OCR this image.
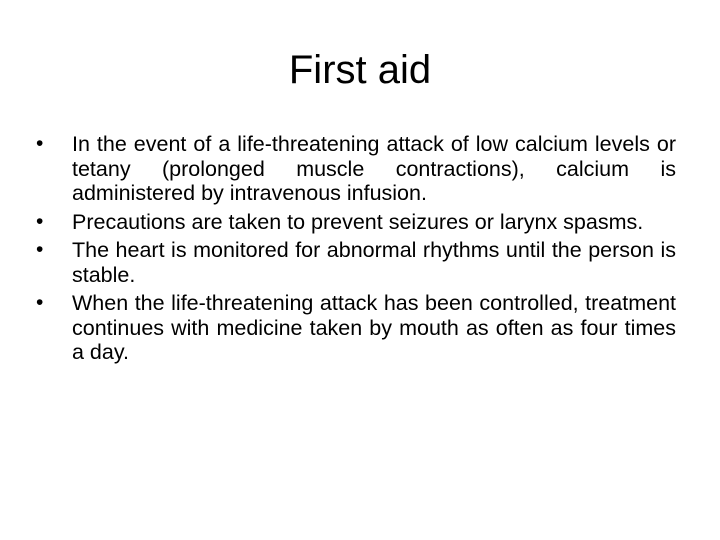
First aid
•	In the event of a life-threatening attack of low calcium levels or tetany (prolonged muscle contractions), calcium is administered by intravenous infusion.
•	Precautions are taken to prevent seizures or larynx spasms.
•	The heart is monitored for abnormal rhythms until the person is stable.
•	When the life-threatening attack has been controlled, treatment continues with medicine taken by mouth as often as four times a day.
